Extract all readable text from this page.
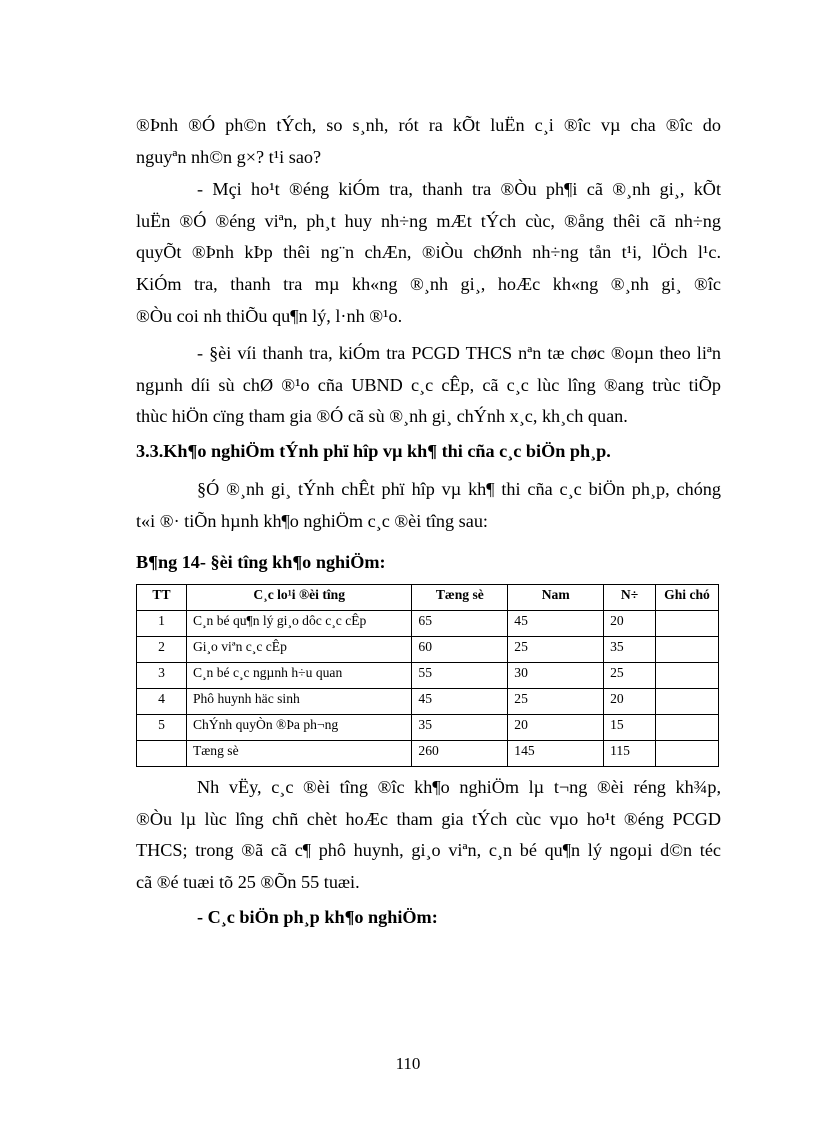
®Þnh ®Ó ph©n tÝch, so s¸nh, rót ra kÕt luËn c¸i ®îc vµ cha ®îc do
nguyªn nh©n g×? t¹i sao?
- Mçi ho¹t ®éng kiÓm tra, thanh tra ®Òu ph¶i cã ®¸nh gi¸, kÕt
luËn ®Ó ®éng viªn, ph¸t huy nh÷ng mÆt tÝch cùc, ®ång thêi cã nh÷ng
quyÕt ®Þnh kÞp thêi ng¨n chÆn, ®iÒu chØnh nh÷ng tån t¹i, lÖch l¹c.
KiÓm tra, thanh tra mµ kh«ng ®¸nh gi¸, hoÆc kh«ng ®¸nh gi¸ ®îc
®Òu coi nh thiÕu qu¶n lý, l·nh ®¹o.
- §èi víi thanh tra, kiÓm tra PCGD THCS nªn tæ chøc ®oµn theo liªn
ngµnh díi sù chØ ®¹o cña UBND c¸c cÊp, cã c¸c lùc lîng ®ang trùc tiÕp
thùc hiÖn cïng tham gia ®Ó cã sù ®¸nh gi¸ chÝnh x¸c, kh¸ch quan.
3.3.Kh¶o nghiÖm tÝnh phï hîp vµ kh¶ thi cña c¸c biÖn ph¸p.
§Ó ®¸nh gi¸ tÝnh chÊt phï hîp vµ kh¶ thi cña c¸c biÖn ph¸p, chóng
t«i ®· tiÕn hµnh kh¶o nghiÖm c¸c ®èi tîng sau:
B¶ng 14- §èi tîng kh¶o nghiÖm:
TT	C¸c lo¹i ®èi tîng	Tæng sè	Nam	N÷	Ghi chó
1	C¸n bé qu¶n lý gi¸o dôc c¸c cÊp	65	45	20	
2	Gi¸o viªn c¸c cÊp	60	25	35	
3	C¸n bé c¸c ngµnh h÷u quan	55	30	25	
4	Phô huynh häc sinh	45	25	20	
5	ChÝnh quyÒn ®Þa ph¬ng	35	20	15	
	Tæng sè	260	145	115	
Nh vËy, c¸c ®èi tîng ®îc kh¶o nghiÖm lµ t¬ng ®èi réng kh¾p,
®Òu lµ lùc lîng chñ chèt hoÆc tham gia tÝch cùc vµo ho¹t ®éng PCGD
THCS; trong ®ã cã c¶ phô huynh, gi¸o viªn, c¸n bé qu¶n lý ngoµi d©n téc
cã ®é tuæi tõ 25 ®Õn 55 tuæi.
- C¸c biÖn ph¸p kh¶o nghiÖm:
110
